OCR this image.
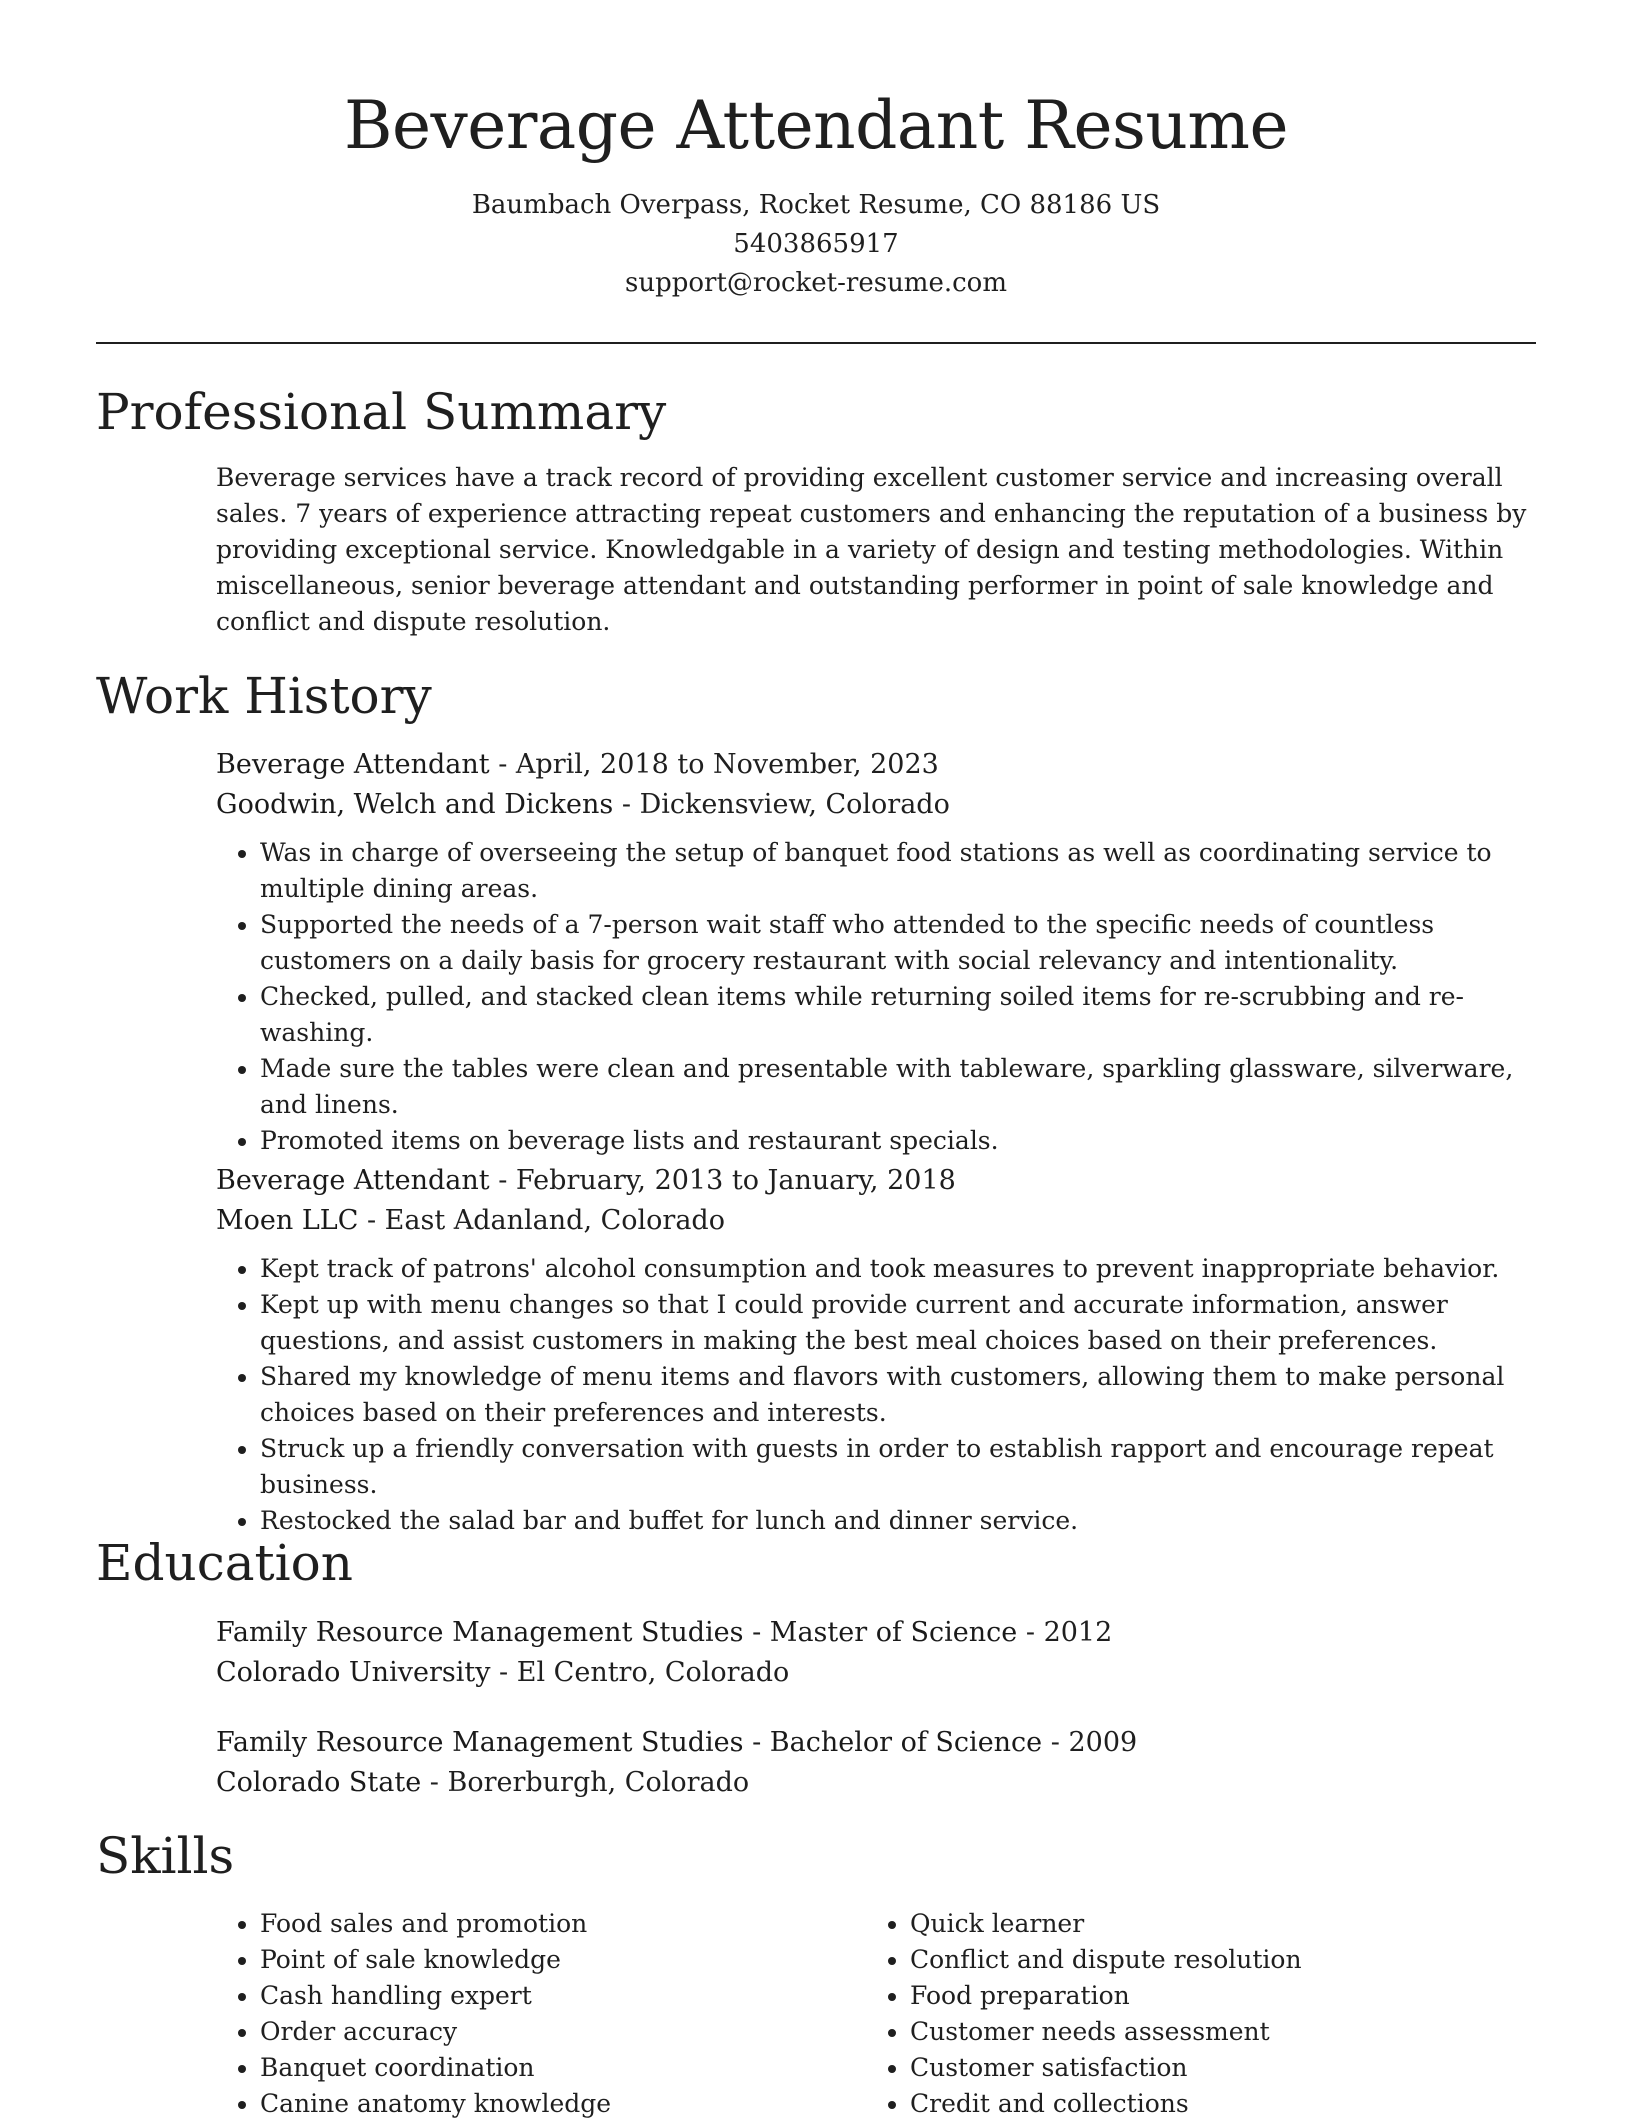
Beverage Attendant Resume
Baumbach Overpass, Rocket Resume, CO 88186 US
5403865917
support@rocket-resume.com
Professional Summary

Beverage services have a track record of providing excellent customer service and increasing overall sales. 7 years of experience attracting repeat customers and enhancing the reputation of a business by providing exceptional service. Knowledgable in a variety of design and testing methodologies. Within miscellaneous, senior beverage attendant and outstanding performer in point of sale knowledge and conflict and dispute resolution.

Work History
Beverage Attendant - April, 2018 to November, 2023
Goodwin, Welch and Dickens - Dickensview, Colorado
• Was in charge of overseeing the setup of banquet food stations as well as coordinating service to multiple dining areas.
• Supported the needs of a 7-person wait staff who attended to the specific needs of countless customers on a daily basis for grocery restaurant with social relevancy and intentionality.
• Checked, pulled, and stacked clean items while returning soiled items for re-scrubbing and re-washing.
• Made sure the tables were clean and presentable with tableware, sparkling glassware, silverware, and linens.
• Promoted items on beverage lists and restaurant specials.
Beverage Attendant - February, 2013 to January, 2018
Moen LLC - East Adanland, Colorado
• Kept track of patrons' alcohol consumption and took measures to prevent inappropriate behavior.
• Kept up with menu changes so that I could provide current and accurate information, answer questions, and assist customers in making the best meal choices based on their preferences.
• Shared my knowledge of menu items and flavors with customers, allowing them to make personal choices based on their preferences and interests.
• Struck up a friendly conversation with guests in order to establish rapport and encourage repeat business.
• Restocked the salad bar and buffet for lunch and dinner service.
Education
Family Resource Management Studies - Master of Science - 2012
Colorado University - El Centro, Colorado
Family Resource Management Studies - Bachelor of Science - 2009
Colorado State - Borerburgh, Colorado
Skills
• Food sales and promotion
• Point of sale knowledge
• Cash handling expert
• Order accuracy
• Banquet coordination
• Canine anatomy knowledge
• Quick learner
• Conflict and dispute resolution
• Food preparation
• Customer needs assessment
• Customer satisfaction
• Credit and collections
